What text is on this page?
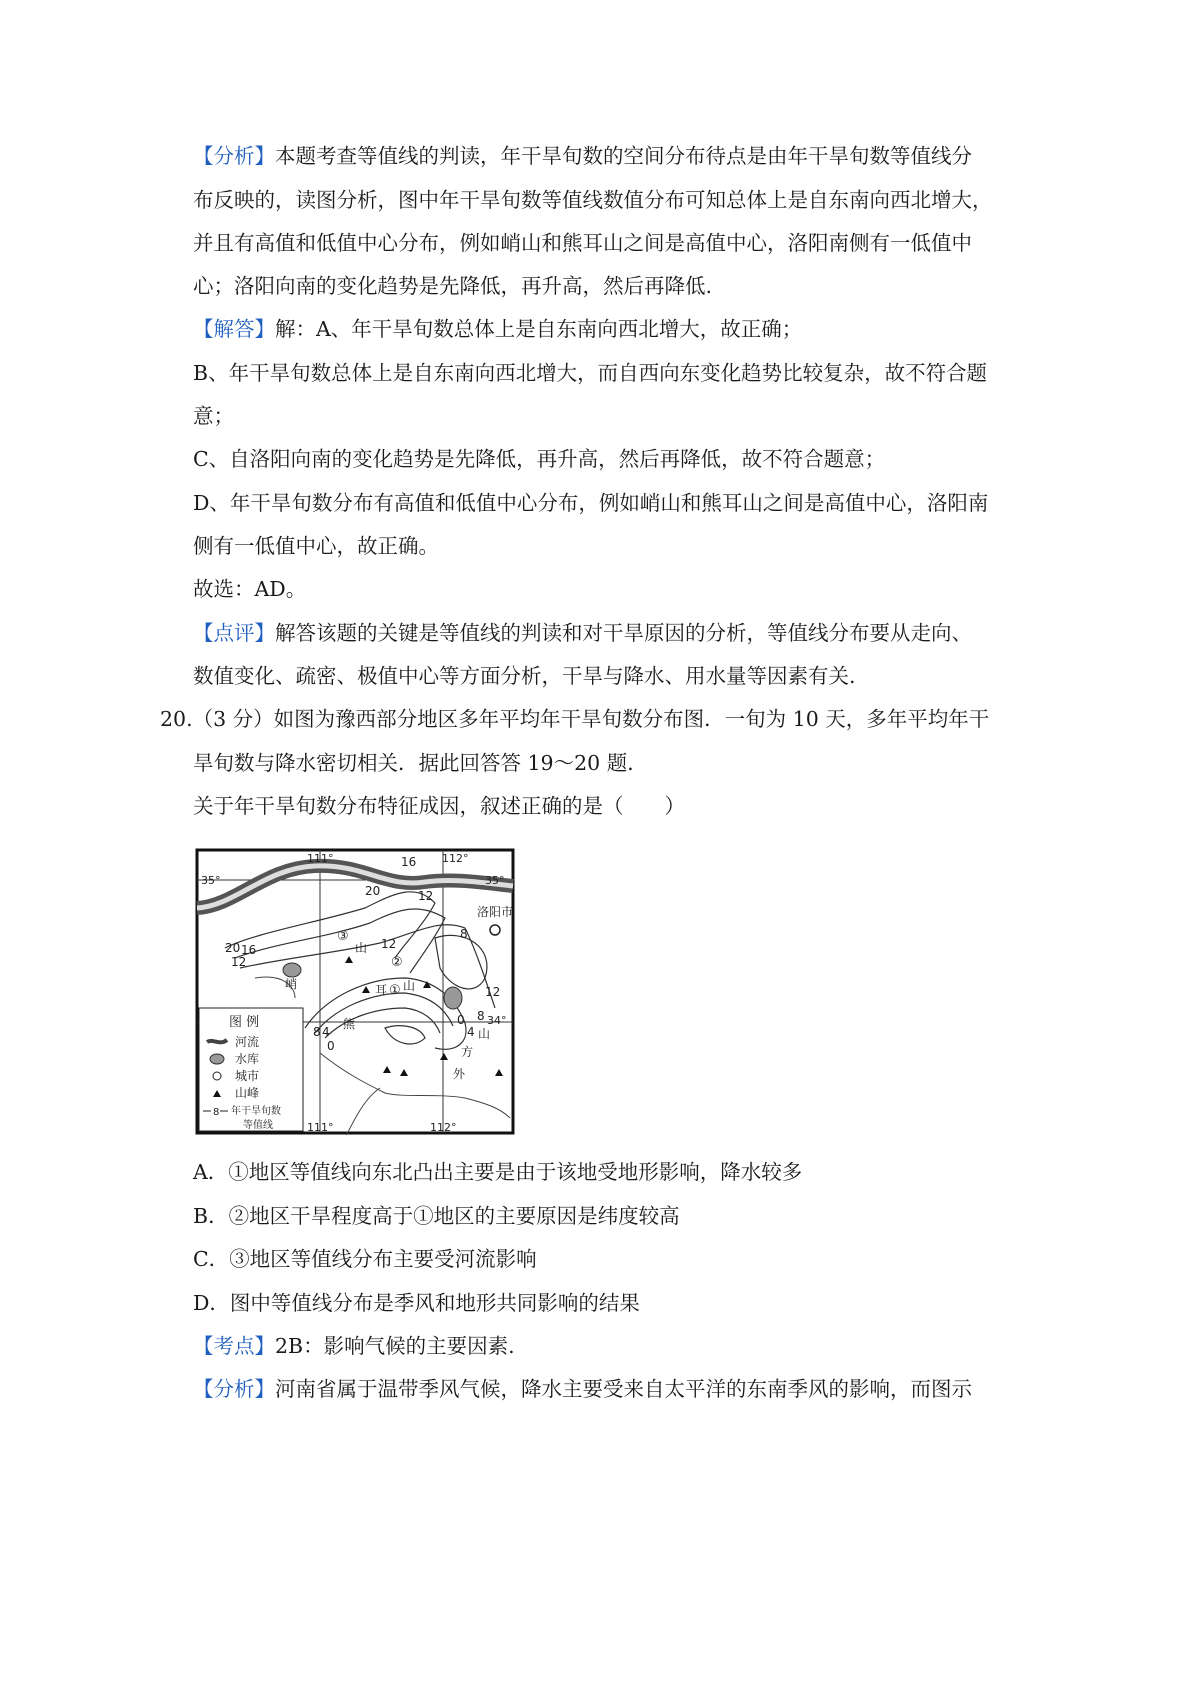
【分析】本题考查等值线的判读，年干旱旬数的空间分布待点是由年干旱旬数等值线分
布反映的，读图分析，图中年干旱旬数等值线数值分布可知总体上是自东南向西北增大，
并且有高值和低值中心分布，例如峭山和熊耳山之间是高值中心，洛阳南侧有一低值中
心；洛阳向南的变化趋势是先降低，再升高，然后再降低.
【解答】解：A、年干旱旬数总体上是自东南向西北增大，故正确；
B、年干旱旬数总体上是自东南向西北增大，而自西向东变化趋势比较复杂，故不符合题
意；
C、自洛阳向南的变化趋势是先降低，再升高，然后再降低，故不符合题意；
D、年干旱旬数分布有高值和低值中心分布，例如峭山和熊耳山之间是高值中心，洛阳南
侧有一低值中心，故正确。
故选：AD。
【点评】解答该题的关键是等值线的判读和对干旱原因的分析，等值线分布要从走向、
数值变化、疏密、极值中心等方面分析，干旱与降水、用水量等因素有关.
20.（3 分）如图为豫西部分地区多年平均年干旱旬数分布图．一旬为 10 天，多年平均年干
旱旬数与降水密切相关．据此回答答 19～20 题．
关于年干旱旬数分布特征成因，叙述正确的是（　　）
111°	112°
111°	112°
35°	35°
34°
16
20	12
20 16
12
12
8
8 4
0
12
8
4
0
洛阳市
山
峭	耳 山
熊
山
方
外
③
②
①
图 例
河流
水库
城市
山峰
8 年干旱旬数
等值线
A．①地区等值线向东北凸出主要是由于该地受地形影响，降水较多
B．②地区干旱程度高于①地区的主要原因是纬度较高
C．③地区等值线分布主要受河流影响
D．图中等值线分布是季风和地形共同影响的结果
【考点】2B：影响气候的主要因素.
【分析】河南省属于温带季风气候，降水主要受来自太平洋的东南季风的影响，而图示
